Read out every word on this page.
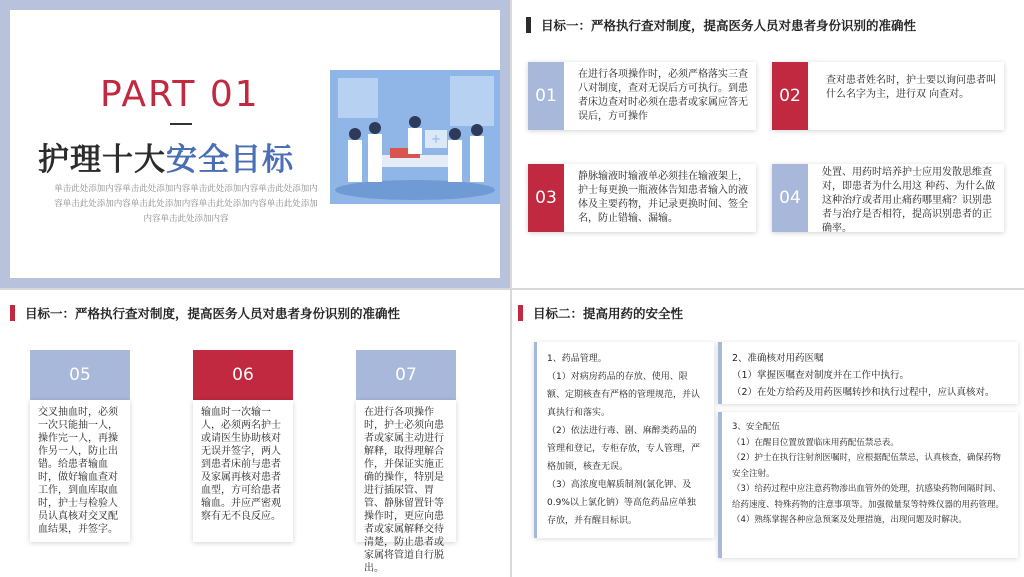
PART 01
护理十大安全目标
单击此处添加内容单击此处添加内容单击此处添加内容单击此处添加内容单击此处添加内容单击此处添加内容单击此处添加内容单击此处添加内容单击此处添加内容
+
目标一：严格执行查对制度，提高医务人员对患者身份识别的准确性
01
在进行各项操作时，必须严格落实三查八对制度，查对无误后方可执行。到患者床边查对时必须在患者或家属应答无误后，方可操作
02
查对患者姓名时，护士要以询问患者叫什么名字为主，进行双 向查对。
03
静脉输液时输液单必须挂在输液架上，护士每更换一瓶液体告知患者输入的液体及主要药物，并记录更换时间、签全名，防止错输、漏输。
04
处置、用药时培养护士应用发散思维查对，即患者为什么用这 种药、为什么做这种治疗或者用止痛药哪里痛？识别患者与治疗是否相符，提高识别患者的正确率。
目标一：严格执行查对制度，提高医务人员对患者身份识别的准确性
05
交叉抽血时，必须一次只能抽一人，操作完一人，再操作另一人，防止出错。给患者输血时，做好输血查对工作，到血库取血时，护士与检验人员认真核对交叉配血结果，并签字。
06
输血时一次输一人，必须两名护士或请医生协助核对无误并签字，两人到患者床前与患者及家属再核对患者血型，方可给患者输血。并应严密观察有无不良反应。
07
在进行各项操作时，护士必须向患者或家属主动进行解释，取得理解合作，并保证实施正确的操作，特别是进行插尿管、胃管、静脉留置针等操作时，更应向患者或家属解释交待清楚，防止患者或家属将管道自行脱出。
目标二：提高用药的安全性
1、药品管理。
（1）对病房药品的存放、使用、限额、定期核查有严格的管理规范，并认真执行和落实。
（2）依法进行毒、剧、麻醉类药品的管理和登记，专柜存放，专人管理，严格加锁，核查无误。
（3）高浓度电解质制剂(氯化钾、及0.9%以上氯化钠）等高危药品应单独存放，并有醒目标识。
2、准确核对用药医嘱
（1）掌握医嘱查对制度并在工作中执行。
（2）在处方给药及用药医嘱转抄和执行过程中，应认真核对。
3、安全配伍
（1）在醒目位置放置临床用药配伍禁忌表。
（2）护士在执行注射剂医嘱时，应根据配伍禁忌，认真核查，确保药物安全注射。
（3）给药过程中应注意药物渗出血管外的处理，抗感染药物间隔时间、给药速度、特殊药物的注意事项等。加强微量泵等特殊仪器的用药管理。
（4）熟练掌握各种应急预案及处理措施，出现问题及时解决。
